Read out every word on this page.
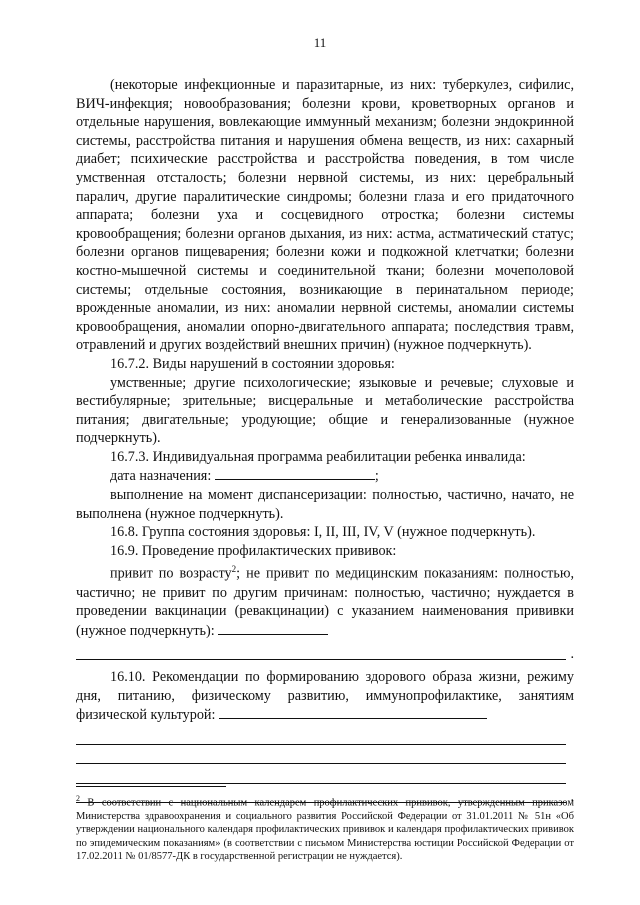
11

(некоторые инфекционные и паразитарные, из них: туберкулез, сифилис, ВИЧ-инфекция; новообразования; болезни крови, кроветворных органов и отдельные нарушения, вовлекающие иммунный механизм; болезни эндокринной системы, расстройства питания и нарушения обмена веществ, из них: сахарный диабет; психические расстройства и расстройства поведения, в том числе умственная отсталость; болезни нервной системы, из них: церебральный паралич, другие паралитические синдромы; болезни глаза и его придаточного аппарата; болезни уха и сосцевидного отростка; болезни системы кровообращения; болезни органов дыхания, из них: астма, астматический статус; болезни органов пищеварения; болезни кожи и подкожной клетчатки; болезни костно-мышечной системы и соединительной ткани; болезни мочеполовой системы; отдельные состояния, возникающие в перинатальном периоде; врожденные аномалии, из них: аномалии нервной системы, аномалии системы кровообращения, аномалии опорно-двигательного аппарата; последствия травм, отравлений и других воздействий внешних причин) (нужное подчеркнуть).

16.7.2. Виды нарушений в состоянии здоровья:

умственные; другие психологические; языковые и речевые; слуховые и вестибулярные; зрительные; висцеральные и метаболические расстройства питания; двигательные; уродующие; общие и генерализованные (нужное подчеркнуть).

16.7.3. Индивидуальная программа реабилитации ребенка инвалида:

дата назначения:	;

выполнение на момент диспансеризации: полностью, частично, начато, не выполнена (нужное подчеркнуть).

16.8. Группа состояния здоровья: I, II, III, IV, V (нужное подчеркнуть).

16.9. Проведение профилактических прививок:

привит по возрасту$^2$; не привит по медицинским показаниям: полностью, частично; не привит по другим причинам: полностью, частично; нуждается в проведении вакцинации (ревакцинации) с указанием наименования прививки (нужное подчеркнуть):

.

16.10. Рекомендации по формированию здорового образа жизни, режиму дня, питанию, физическому развитию, иммунопрофилактике, занятиям физической культурой:

.
$^2$ В соответствии с национальным календарем профилактических прививок, утвержденным приказом Министерства здравоохранения и социального развития Российской Федерации от 31.01.2011 № 51н «Об утверждении национального календаря профилактических прививок и календаря профилактических прививок по эпидемическим показаниям» (в соответствии с письмом Министерства юстиции Российской Федерации от 17.02.2011 № 01/8577-ДК в государственной регистрации не нуждается).
